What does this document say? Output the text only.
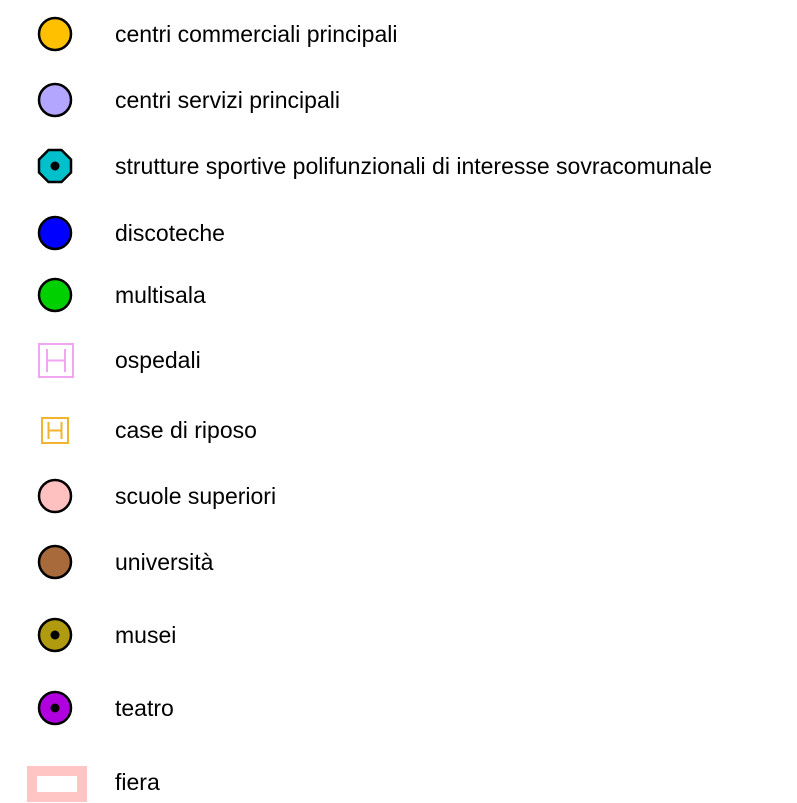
centri commerciali principali
centri servizi principali
strutture sportive polifunzionali di interesse sovracomunale
discoteche
multisala
ospedali
case di riposo
scuole superiori
università
musei
teatro
fiera
